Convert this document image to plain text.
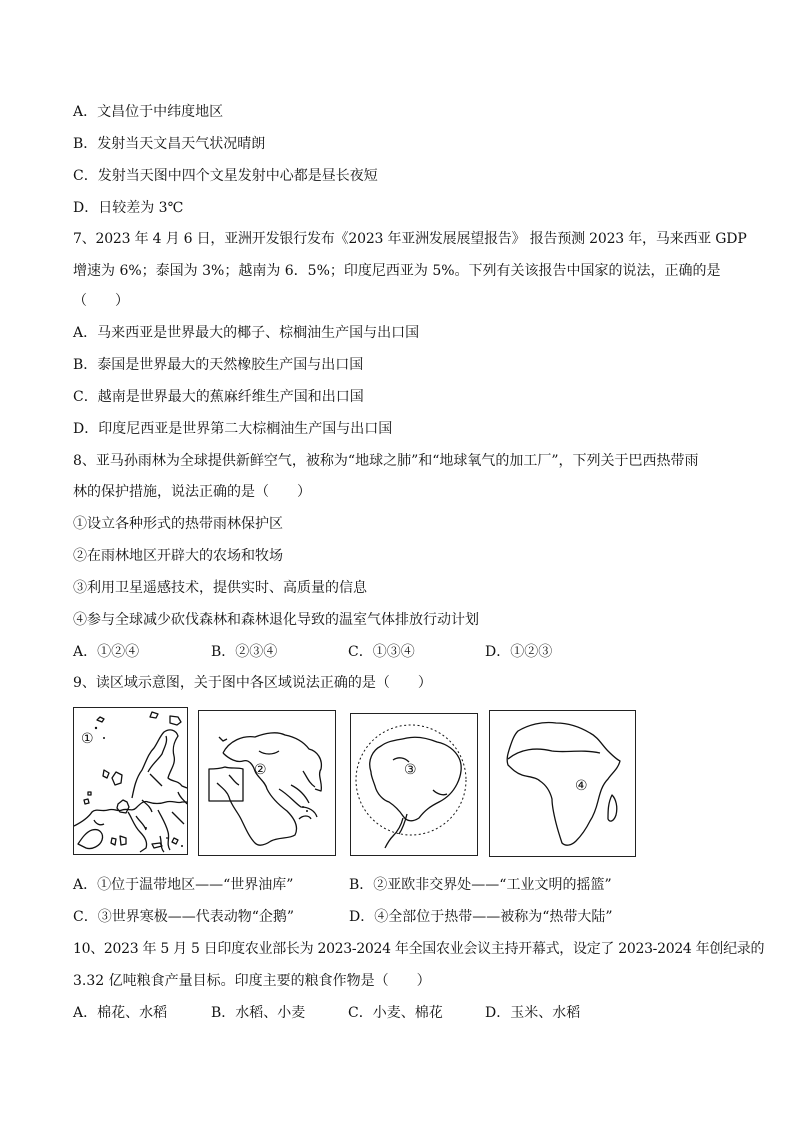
A．文昌位于中纬度地区
B．发射当天文昌天气状况晴朗
C．发射当天图中四个文星发射中心都是昼长夜短
D．日较差为 3℃
7、2023 年 4 月 6 日，亚洲开发银行发布《2023 年亚洲发展展望报告》 报告预测 2023 年，马来西亚 GDP
增速为 6%；泰国为 3%；越南为 6．5%；印度尼西亚为 5%。下列有关该报告中国家的说法，正确的是
（　　）
A．马来西亚是世界最大的椰子、棕榈油生产国与出口国
B．泰国是世界最大的天然橡胶生产国与出口国
C．越南是世界最大的蕉麻纤维生产国和出口国
D．印度尼西亚是世界第二大棕榈油生产国与出口国
8、亚马孙雨林为全球提供新鲜空气，被称为“地球之肺”和“地球氧气的加工厂”，下列关于巴西热带雨
林的保护措施，说法正确的是（　　）
①设立各种形式的热带雨林保护区
②在雨林地区开辟大的农场和牧场
③利用卫星遥感技术，提供实时、高质量的信息
④参与全球减少砍伐森林和森林退化导致的温室气体排放行动计划
A．①②④	B．②③④	C．①③④	D．①②③
9、读区域示意图，关于图中各区域说法正确的是（　　）
①
②	③
④
A．①位于温带地区——“世界油库”	B．②亚欧非交界处——“工业文明的摇篮”
C．③世界寒极——代表动物“企鹅”	D．④全部位于热带——被称为“热带大陆”
10、2023 年 5 月 5 日印度农业部长为 2023-2024 年全国农业会议主持开幕式，设定了 2023-2024 年创纪录的
3.32 亿吨粮食产量目标。印度主要的粮食作物是（　　）
A．棉花、水稻	B．水稻、小麦	C．小麦、棉花	D．玉米、水稻
